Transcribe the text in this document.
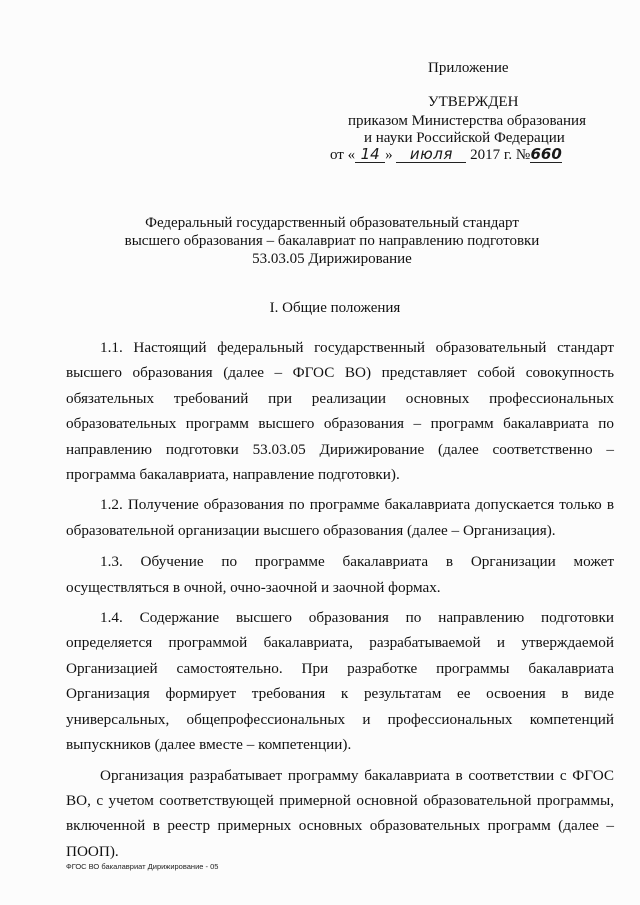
Приложение
УТВЕРЖДЕН
приказом Министерства образования
и науки Российской Федерации
от « 14 » июля 2017 г. №660
Федеральный государственный образовательный стандарт
высшего образования – бакалавриат по направлению подготовки
53.03.05 Дирижирование
I. Общие положения

1.1. Настоящий федеральный государственный образовательный стандарт высшего образования (далее – ФГОС ВО) представляет собой совокупность обязательных требований при реализации основных профессиональных образовательных программ высшего образования – программ бакалавриата по направлению подготовки 53.03.05 Дирижирование (далее соответственно – программа бакалавриата, направление подготовки).

1.2. Получение образования по программе бакалавриата допускается только в образовательной организации высшего образования (далее – Организация).

1.3. Обучение по программе бакалавриата в Организации может осуществляться в очной, очно-заочной и заочной формах.

1.4. Содержание высшего образования по направлению подготовки определяется программой бакалавриата, разрабатываемой и утверждаемой Организацией самостоятельно. При разработке программы бакалавриата Организация формирует требования к результатам ее освоения в виде универсальных, общепрофессиональных и профессиональных компетенций выпускников (далее вместе – компетенции).

Организация разрабатывает программу бакалавриата в соответствии с ФГОС ВО, с учетом соответствующей примерной основной образовательной программы, включенной в реестр примерных основных образовательных программ (далее – ПООП).

ФГОС ВО бакалавриат Дирижирование - 05
